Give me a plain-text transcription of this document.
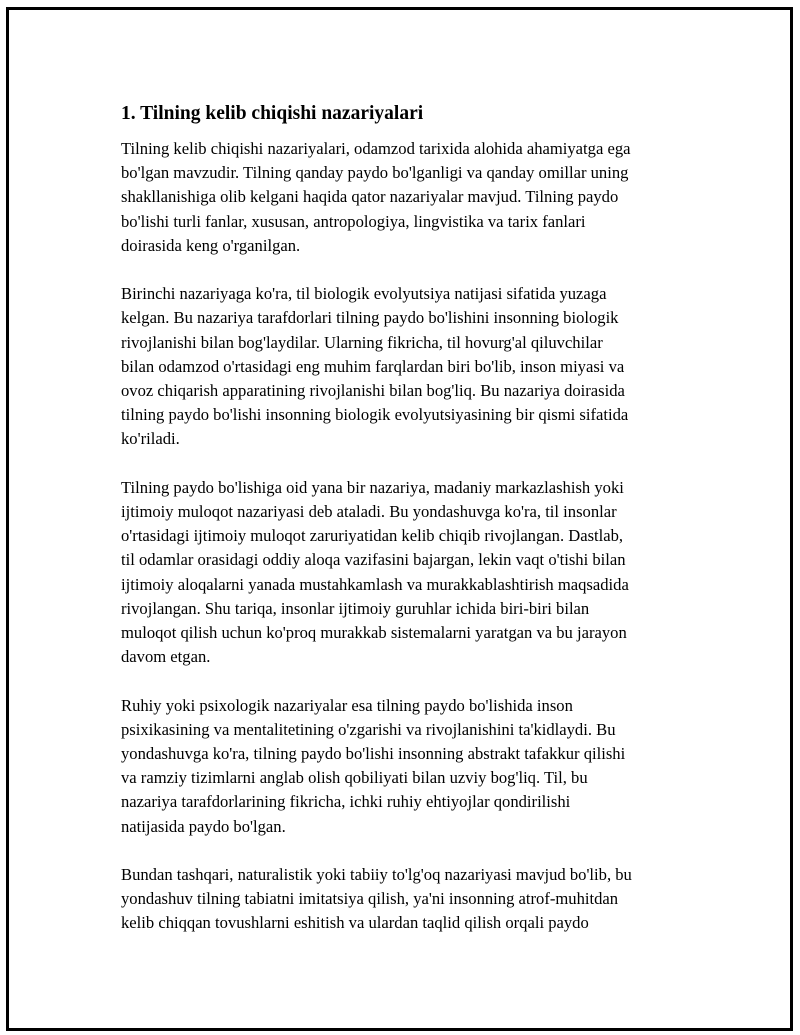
1. Tilning kelib chiqishi nazariyalari
Tilning kelib chiqishi nazariyalari, odamzod tarixida alohida ahamiyatga ega
bo'lgan mavzudir. Tilning qanday paydo bo'lganligi va qanday omillar uning
shakllanishiga olib kelgani haqida qator nazariyalar mavjud. Tilning paydo
bo'lishi turli fanlar, xususan, antropologiya, lingvistika va tarix fanlari
doirasida keng o'rganilgan.
Birinchi nazariyaga ko'ra, til biologik evolyutsiya natijasi sifatida yuzaga
kelgan. Bu nazariya tarafdorlari tilning paydo bo'lishini insonning biologik
rivojlanishi bilan bog'laydilar. Ularning fikricha, til hovurg'al qiluvchilar
bilan odamzod o'rtasidagi eng muhim farqlardan biri bo'lib, inson miyasi va
ovoz chiqarish apparatining rivojlanishi bilan bog'liq. Bu nazariya doirasida
tilning paydo bo'lishi insonning biologik evolyutsiyasining bir qismi sifatida
ko'riladi.
Tilning paydo bo'lishiga oid yana bir nazariya, madaniy markazlashish yoki
ijtimoiy muloqot nazariyasi deb ataladi. Bu yondashuvga ko'ra, til insonlar
o'rtasidagi ijtimoiy muloqot zaruriyatidan kelib chiqib rivojlangan. Dastlab,
til odamlar orasidagi oddiy aloqa vazifasini bajargan, lekin vaqt o'tishi bilan
ijtimoiy aloqalarni yanada mustahkamlash va murakkablashtirish maqsadida
rivojlangan. Shu tariqa, insonlar ijtimoiy guruhlar ichida biri-biri bilan
muloqot qilish uchun ko'proq murakkab sistemalarni yaratgan va bu jarayon
davom etgan.
Ruhiy yoki psixologik nazariyalar esa tilning paydo bo'lishida inson
psixikasining va mentalitetining o'zgarishi va rivojlanishini ta'kidlaydi. Bu
yondashuvga ko'ra, tilning paydo bo'lishi insonning abstrakt tafakkur qilishi
va ramziy tizimlarni anglab olish qobiliyati bilan uzviy bog'liq. Til, bu
nazariya tarafdorlarining fikricha, ichki ruhiy ehtiyojlar qondirilishi
natijasida paydo bo'lgan.
Bundan tashqari, naturalistik yoki tabiiy to'lg'oq nazariyasi mavjud bo'lib, bu
yondashuv tilning tabiatni imitatsiya qilish, ya'ni insonning atrof-muhitdan
kelib chiqqan tovushlarni eshitish va ulardan taqlid qilish orqali paydo
